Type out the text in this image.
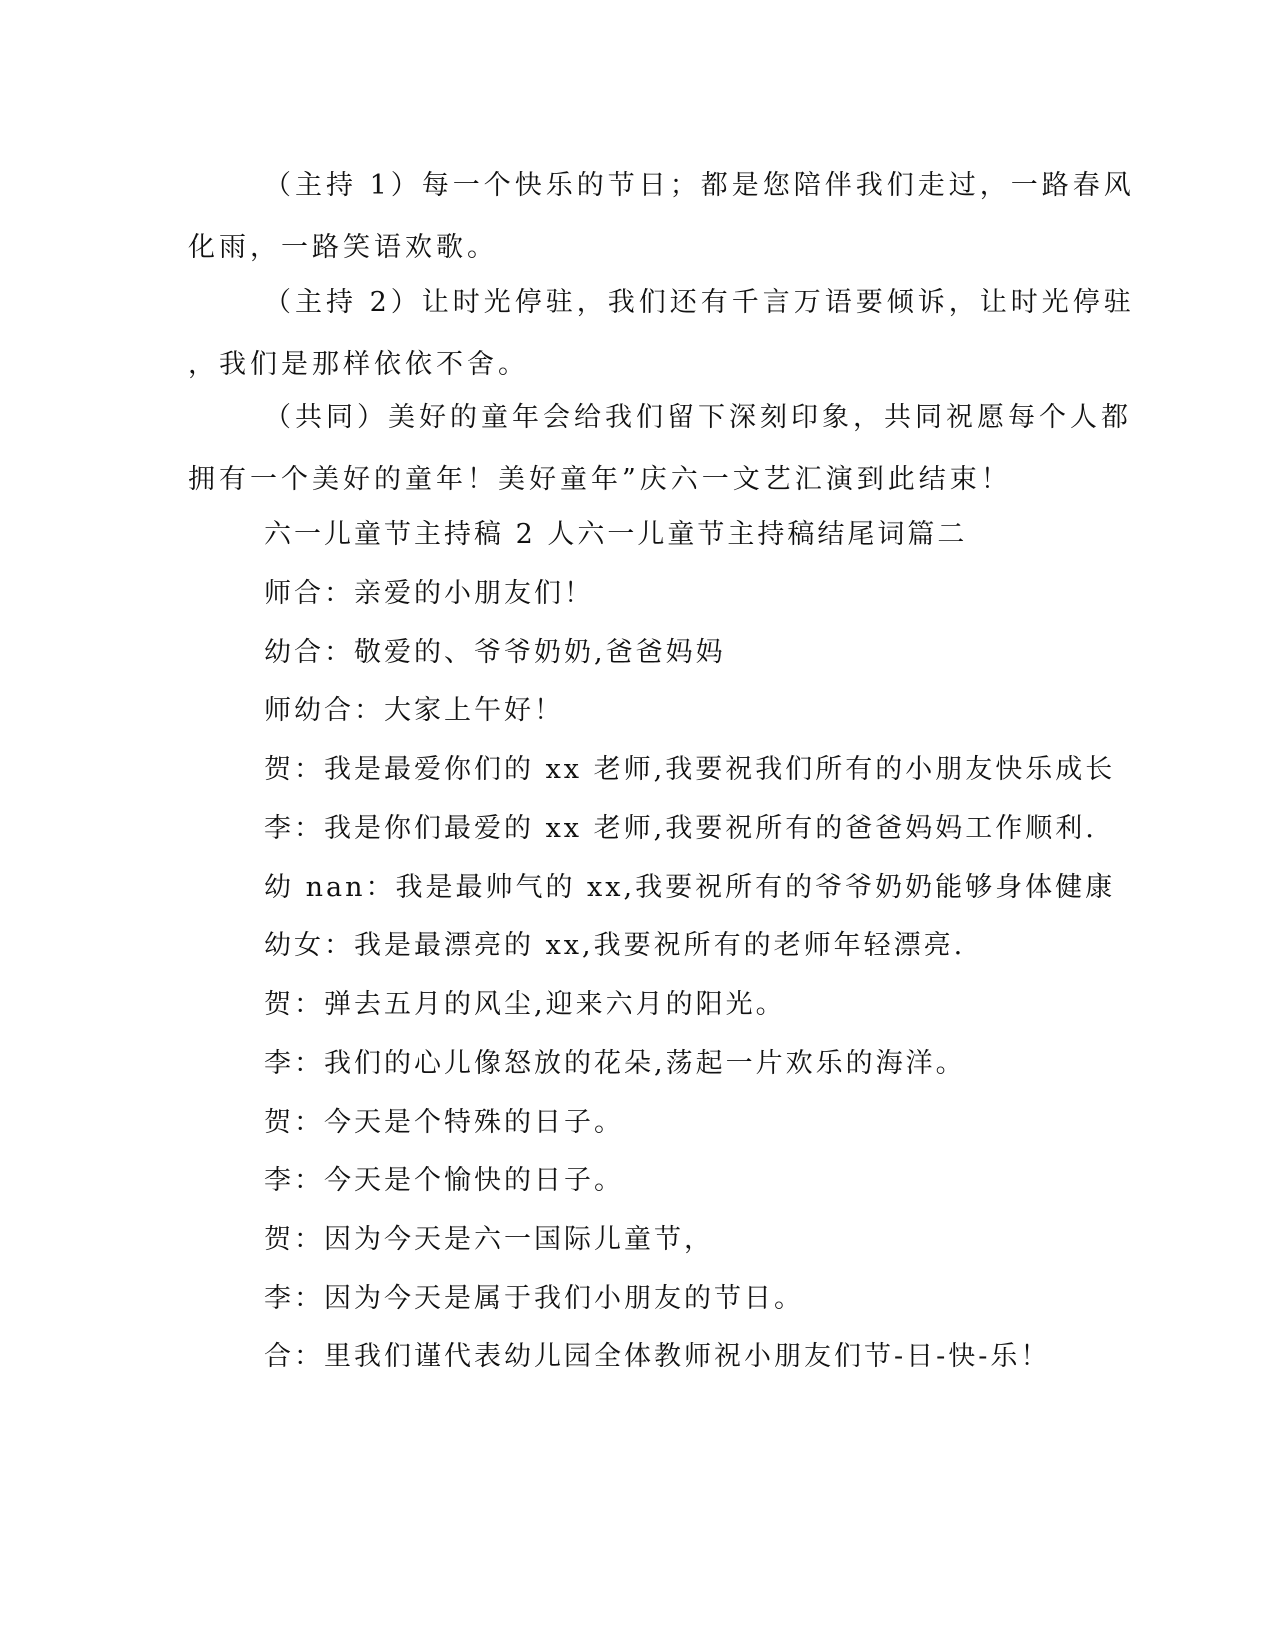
（主持 1）每一个快乐的节日；都是您陪伴我们走过，一路春风
化雨，一路笑语欢歌。
（主持 2）让时光停驻，我们还有千言万语要倾诉，让时光停驻
，我们是那样依依不舍。
（共同）美好的童年会给我们留下深刻印象，共同祝愿每个人都
拥有一个美好的童年！美好童年”庆六一文艺汇演到此结束！
六一儿童节主持稿 2 人六一儿童节主持稿结尾词篇二
师合：亲爱的小朋友们！
幼合：敬爱的、爷爷奶奶,爸爸妈妈
师幼合：大家上午好！
贺：我是最爱你们的 xx 老师,我要祝我们所有的小朋友快乐成长
李：我是你们最爱的 xx 老师,我要祝所有的爸爸妈妈工作顺利.
幼 nan：我是最帅气的 xx,我要祝所有的爷爷奶奶能够身体健康
幼女：我是最漂亮的 xx,我要祝所有的老师年轻漂亮.
贺：弹去五月的风尘,迎来六月的阳光。
李：我们的心儿像怒放的花朵,荡起一片欢乐的海洋。
贺：今天是个特殊的日子。
李：今天是个愉快的日子。
贺：因为今天是六一国际儿童节，
李：因为今天是属于我们小朋友的节日。
合：里我们谨代表幼儿园全体教师祝小朋友们节-日-快-乐！
